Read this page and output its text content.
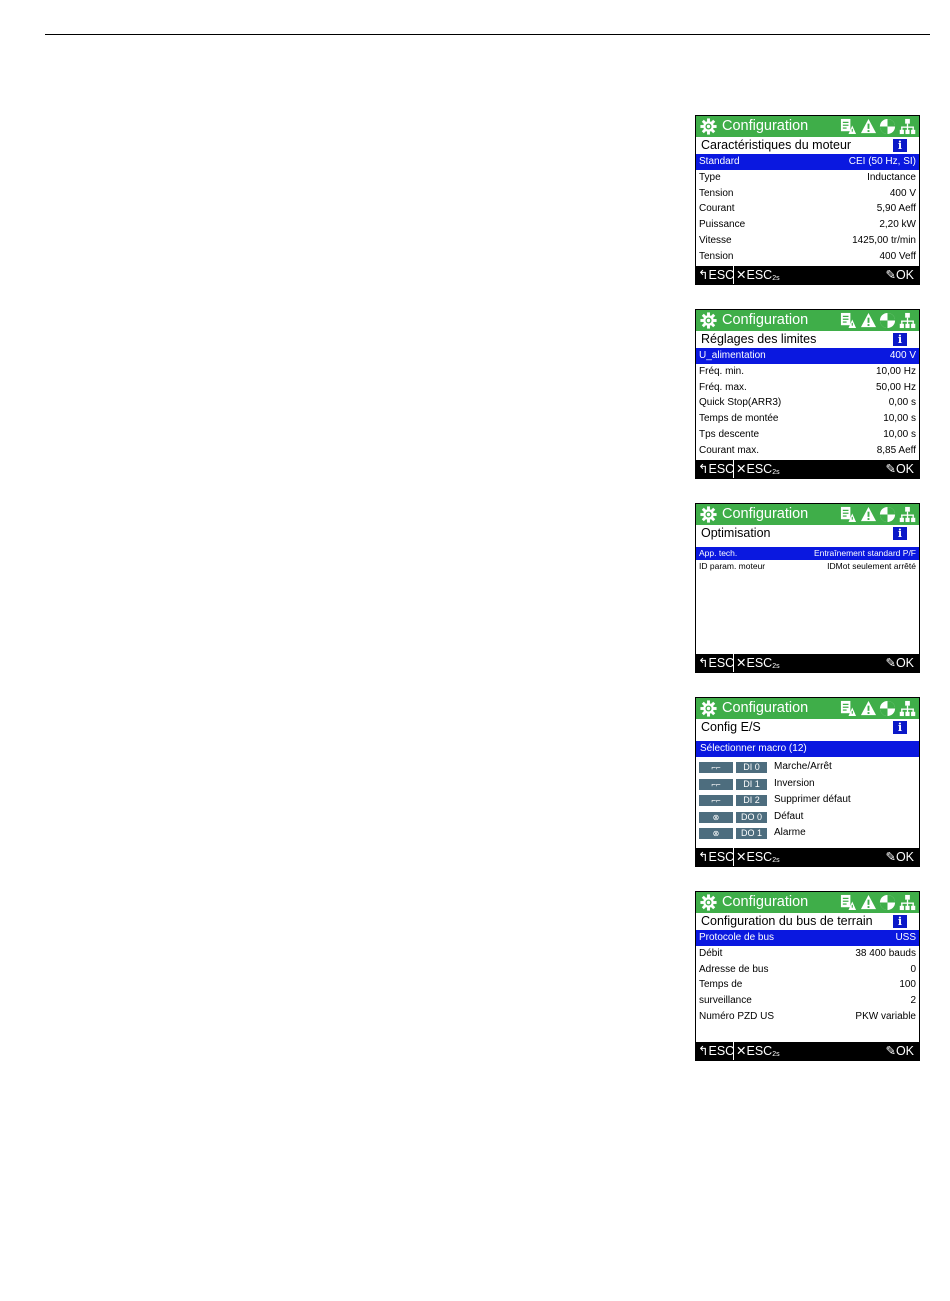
Configuration
Caractéristiques du moteur	i
Standard	CEI (50 Hz, SI)
Type	Inductance
Tension	400 V
Courant	5,90 Aeff
Puissance	2,20 kW
Vitesse	1425,00 tr/min
Tension	400 Veff
↰ESC $✕ESC_{2s}$	✎OK
Configuration
Réglages des limites	i
U_alimentation	400 V
Fréq. min.	10,00 Hz
Fréq. max.	50,00 Hz
Quick Stop(ARR3)	0,00 s
Temps de montée	10,00 s
Tps descente	10,00 s
Courant max.	8,85 Aeff
↰ESC $✕ESC_{2s}$	✎OK
Configuration
Optimisation	i
App. tech.	Entraînement standard P/F
ID param. moteur	IDMot seulement arrêté
↰ESC $✕ESC_{2s}$	✎OK
Configuration
Config E/S	i
Sélectionner macro (12)
⌐⌐	DI 0	Marche/Arrêt
⌐⌐	DI 1	Inversion
⌐⌐	DI 2	Supprimer défaut
⊗	DO 0	Défaut
⊗	DO 1	Alarme
↰ESC $✕ESC_{2s}$	✎OK
Configuration
Configuration du bus de terrain	i
Protocole de bus	USS
Débit	38 400 bauds
Adresse de bus	0
Temps de	100
surveillance	2
Numéro PZD US	PKW variable
↰ESC $✕ESC_{2s}$	✎OK
